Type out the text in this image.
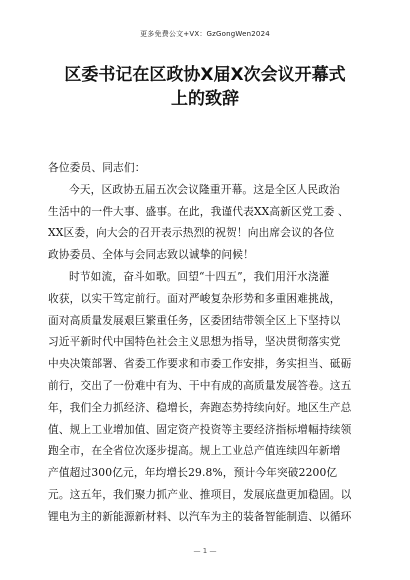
更多免费公文+VX：GzGongWen2024
区委书记在区政协X届X次会议开幕式
上的致辞
各位委员、同志们：
今天，区政协五届五次会议隆重开幕。这是全区人民政治
生活中的一件大事、盛事。在此，我谨代表XX高新区党工委 、
XX区委，向大会的召开表示热烈的祝贺！向出席会议的各位
政协委员、全体与会同志致以诚挚的问候！
时节如流，奋斗如歌。回望“十四五”，我们用汗水浇灌
收获，以实干笃定前行。面对严峻复杂形势和多重困难挑战，
面对高质量发展艰巨繁重任务，区委团结带领全区上下坚持以
习近平新时代中国特色社会主义思想为指导，坚决贯彻落实党
中央决策部署、省委工作要求和市委工作安排，务实担当、砥砺
前行，交出了一份难中有为、干中有成的高质量发展答卷。这五
年，我们全力抓经济、稳增长，奔跑态势持续向好。地区生产总
值、规上工业增加值、固定资产投资等主要经济指标增幅持续领
跑全市，在全省位次逐步提高。规上工业总产值连续四年新增
产值超过300亿元，年均增长29.8%，预计今年突破2200亿
元。这五年，我们聚力抓产业、推项目，发展底盘更加稳固。以
锂电为主的新能源新材料、以汽车为主的装备智能制造、以循环
— 1 —
